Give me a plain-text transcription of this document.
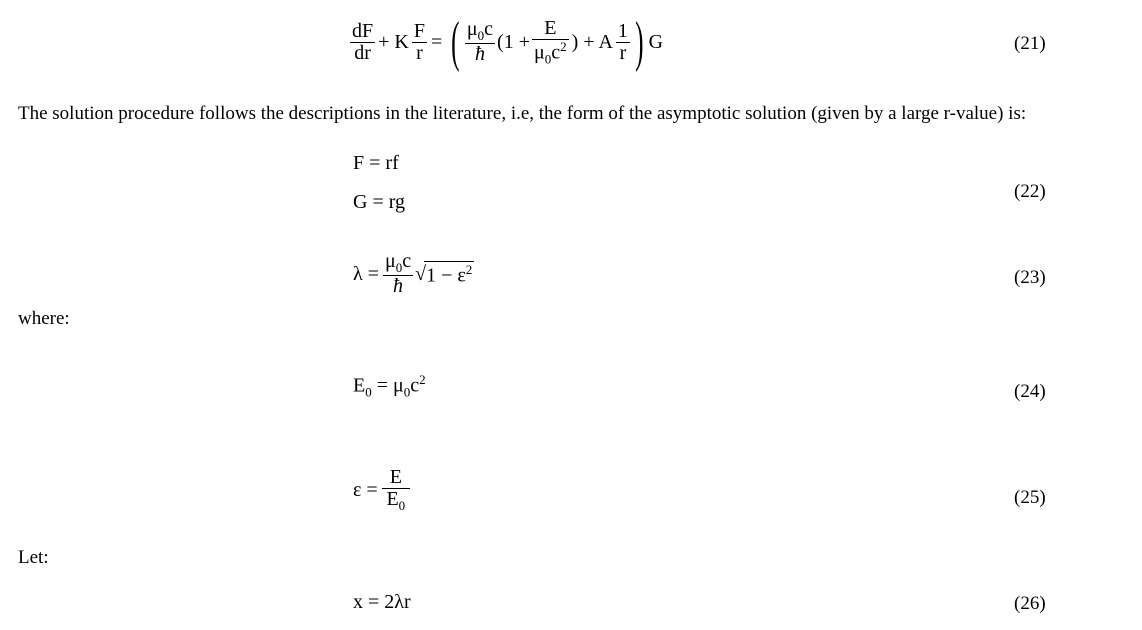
$\frac{dF}{dr} + K \frac{F}{r}$ = ( $\frac{\mu_0c}{ħ} (1 + \frac{E}{\mu_0c^2}$ ) + A $\frac{1}{r}$ ) G	(21)
The solution procedure follows the descriptions in the literature, i.e, the form of the asymptotic solution (given by a large r-value) is:
F = rf
G = rg	(22)
$\lambda = \frac{\mu_0c}{ħ}$ √ $1 - \varepsilon^2$	(23)
where:
$E_0 = \mu_0c^2$
(24)
$\varepsilon = \frac{E}{E_0}$	(25)
Let:
x = 2λr	(26)
